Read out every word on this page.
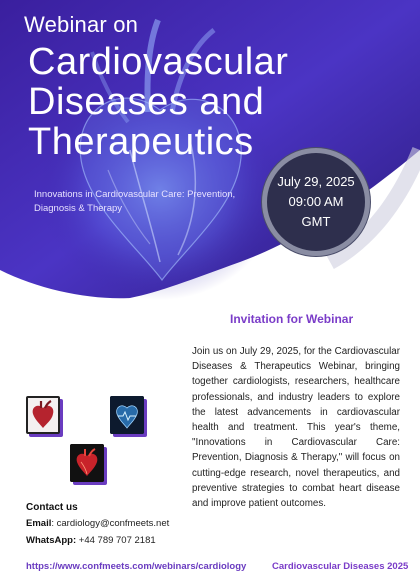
Webinar on
Cardiovascular
Diseases and
Therapeutics
Innovations in Cardiovascular Care: Prevention, Diagnosis & Therapy
July 29, 2025
09:00 AM
GMT
Invitation for Webinar
Join us on July 29, 2025, for the Cardiovascular Diseases & Therapeutics Webinar, bringing together cardiologists, researchers, healthcare professionals, and industry leaders to explore the latest advancements in cardiovascular health and treatment. This year's theme, "Innovations in Cardiovascular Care: Prevention, Diagnosis & Therapy," will focus on cutting-edge research, novel therapeutics, and preventive strategies to combat heart disease and improve patient outcomes.
Contact us
Email: cardiology@confmeets.net
WhatsApp: +44 789 707 2181
https://www.confmeets.com/webinars/cardiology	Cardiovascular Diseases 2025
